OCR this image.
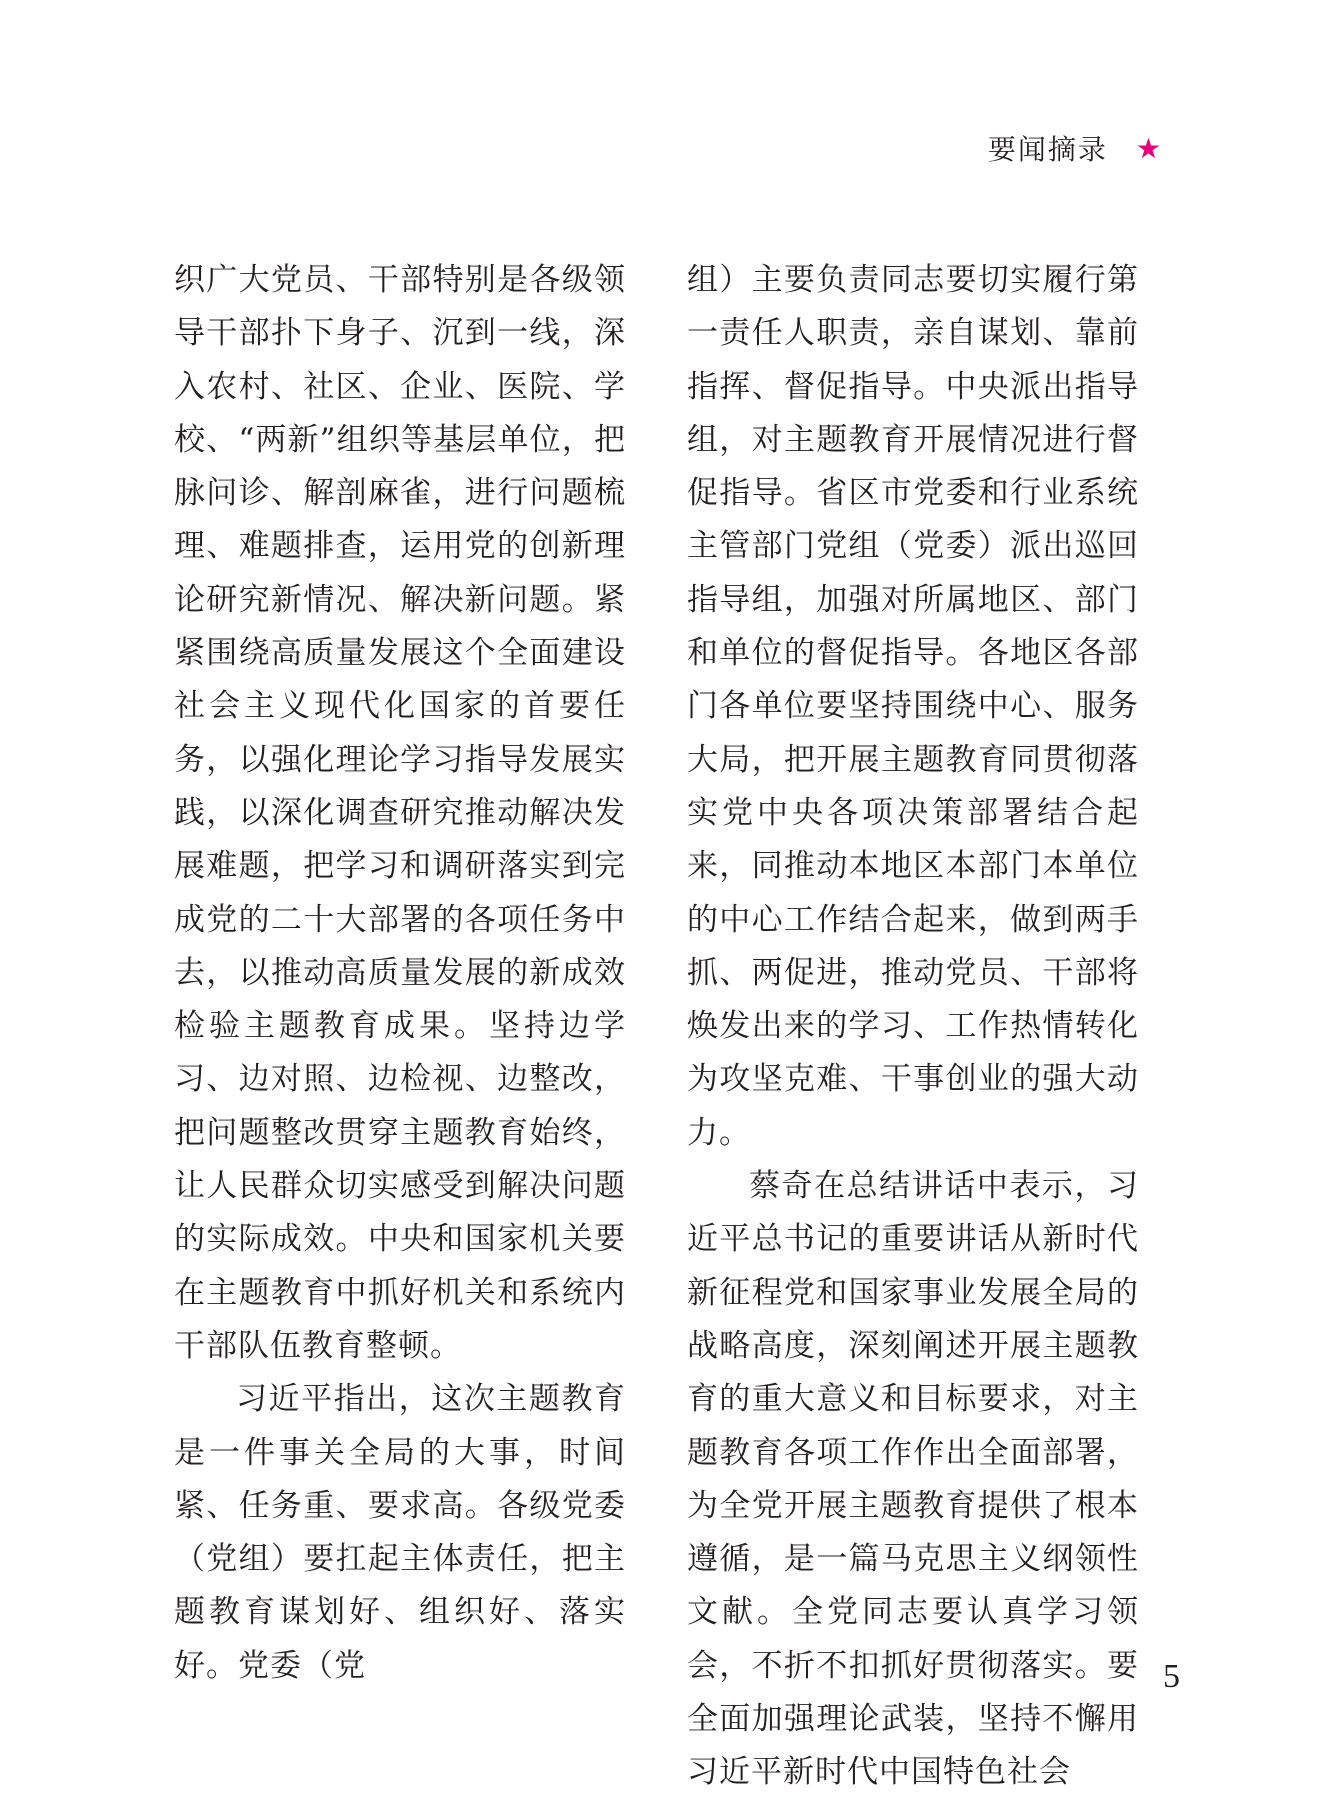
要闻摘录 ★

织广大党员、干部特别是各级领导干部扑下身子、沉到一线，深入农村、社区、企业、医院、学校、“两新”组织等基层单位，把脉问诊、解剖麻雀，进行问题梳理、难题排查，运用党的创新理论研究新情况、解决新问题。紧紧围绕高质量发展这个全面建设社会主义现代化国家的首要任务，以强化理论学习指导发展实践，以深化调查研究推动解决发展难题，把学习和调研落实到完成党的二十大部署的各项任务中去，以推动高质量发展的新成效检验主题教育成果。坚持边学习、边对照、边检视、边整改，把问题整改贯穿主题教育始终，让人民群众切实感受到解决问题的实际成效。中央和国家机关要在主题教育中抓好机关和系统内干部队伍教育整顿。

习近平指出，这次主题教育是一件事关全局的大事，时间紧、任务重、要求高。各级党委（党组）要扛起主体责任，把主题教育谋划好、组织好、落实好。党委（党

组）主要负责同志要切实履行第一责任人职责，亲自谋划、靠前指挥、督促指导。中央派出指导组，对主题教育开展情况进行督促指导。省区市党委和行业系统主管部门党组（党委）派出巡回指导组，加强对所属地区、部门和单位的督促指导。各地区各部门各单位要坚持围绕中心、服务大局，把开展主题教育同贯彻落实党中央各项决策部署结合起来，同推动本地区本部门本单位的中心工作结合起来，做到两手抓、两促进，推动党员、干部将焕发出来的学习、工作热情转化为攻坚克难、干事创业的强大动力。

蔡奇在总结讲话中表示，习近平总书记的重要讲话从新时代新征程党和国家事业发展全局的战略高度，深刻阐述开展主题教育的重大意义和目标要求，对主题教育各项工作作出全面部署，为全党开展主题教育提供了根本遵循，是一篇马克思主义纲领性文献。全党同志要认真学习领会，不折不扣抓好贯彻落实。要全面加强理论武装，坚持不懈用习近平新时代中国特色社会

5
